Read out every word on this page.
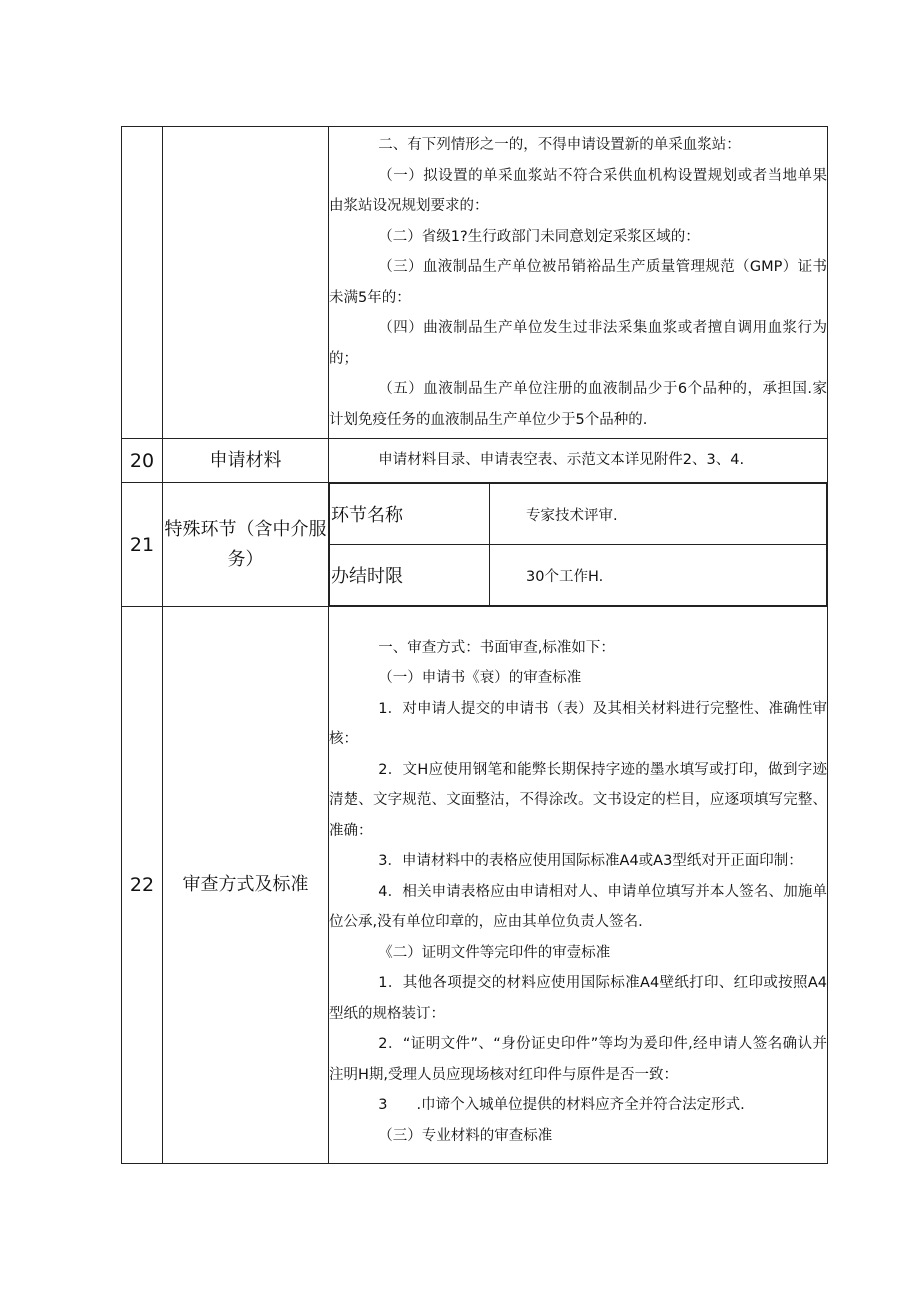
二、有下列情形之一的，不得申请设置新的单采血浆站：

（一）拟设置的单采血浆站不符合采供血机构设置规划或者当地单果由浆站设况规划要求的：

（二）省级1?生行政部门未同意划定采浆区域的：

（三）血液制品生产单位被吊销裕品生产质量管理规范（GMP）证书未满5年的：

（四）曲液制品生产单位发生过非法采集血浆或者擅自调用血浆行为的；

（五）血液制品生产单位注册的血液制品少于6个品种的，承担国.家计划免疫任务的血液制品生产单位少于5个品种的.

20	申请材料	申请材料目录、申请表空表、示范文本详见附件2、3、4.

21	特殊环节（含中介服务）	
环节名称	专家技术评审.
办结时限	30个工作H.

22	审查方式及标准	

一、审查方式：书面审查,标准如下：

（一）申请书《衰）的审查标准

1．对申请人提交的申请书（表）及其相关材料进行完整性、准确性审核：

2．文H应使用钢笔和能弊长期保持字迹的墨水填写或打印，做到字迹清楚、文字规范、文面整沽，不得涂改。文书设定的栏目，应逐项填写完整、准确：

3．申请材料中的表格应使用国际标准A4或A3型纸对开正面印制：

4．相关申请表格应由申请相对人、申请单位填写并本人签名、加施单位公承,没有单位印章的，应由其单位负责人签名.

《二）证明文件等完印件的审壹标准

1．其他各项提交的材料应使用国际标准A4壁纸打印、红印或按照A4型纸的规格装订：

2．“证明文件”、“身份证史印件”等均为爰印件,经申请人签名确认并注明H期,受理人员应现场核对红印件与原件是否一致：

3　　.巾谛个入城单位提供的材料应齐全并符合法定形式.

（三）专业材料的审查标准
